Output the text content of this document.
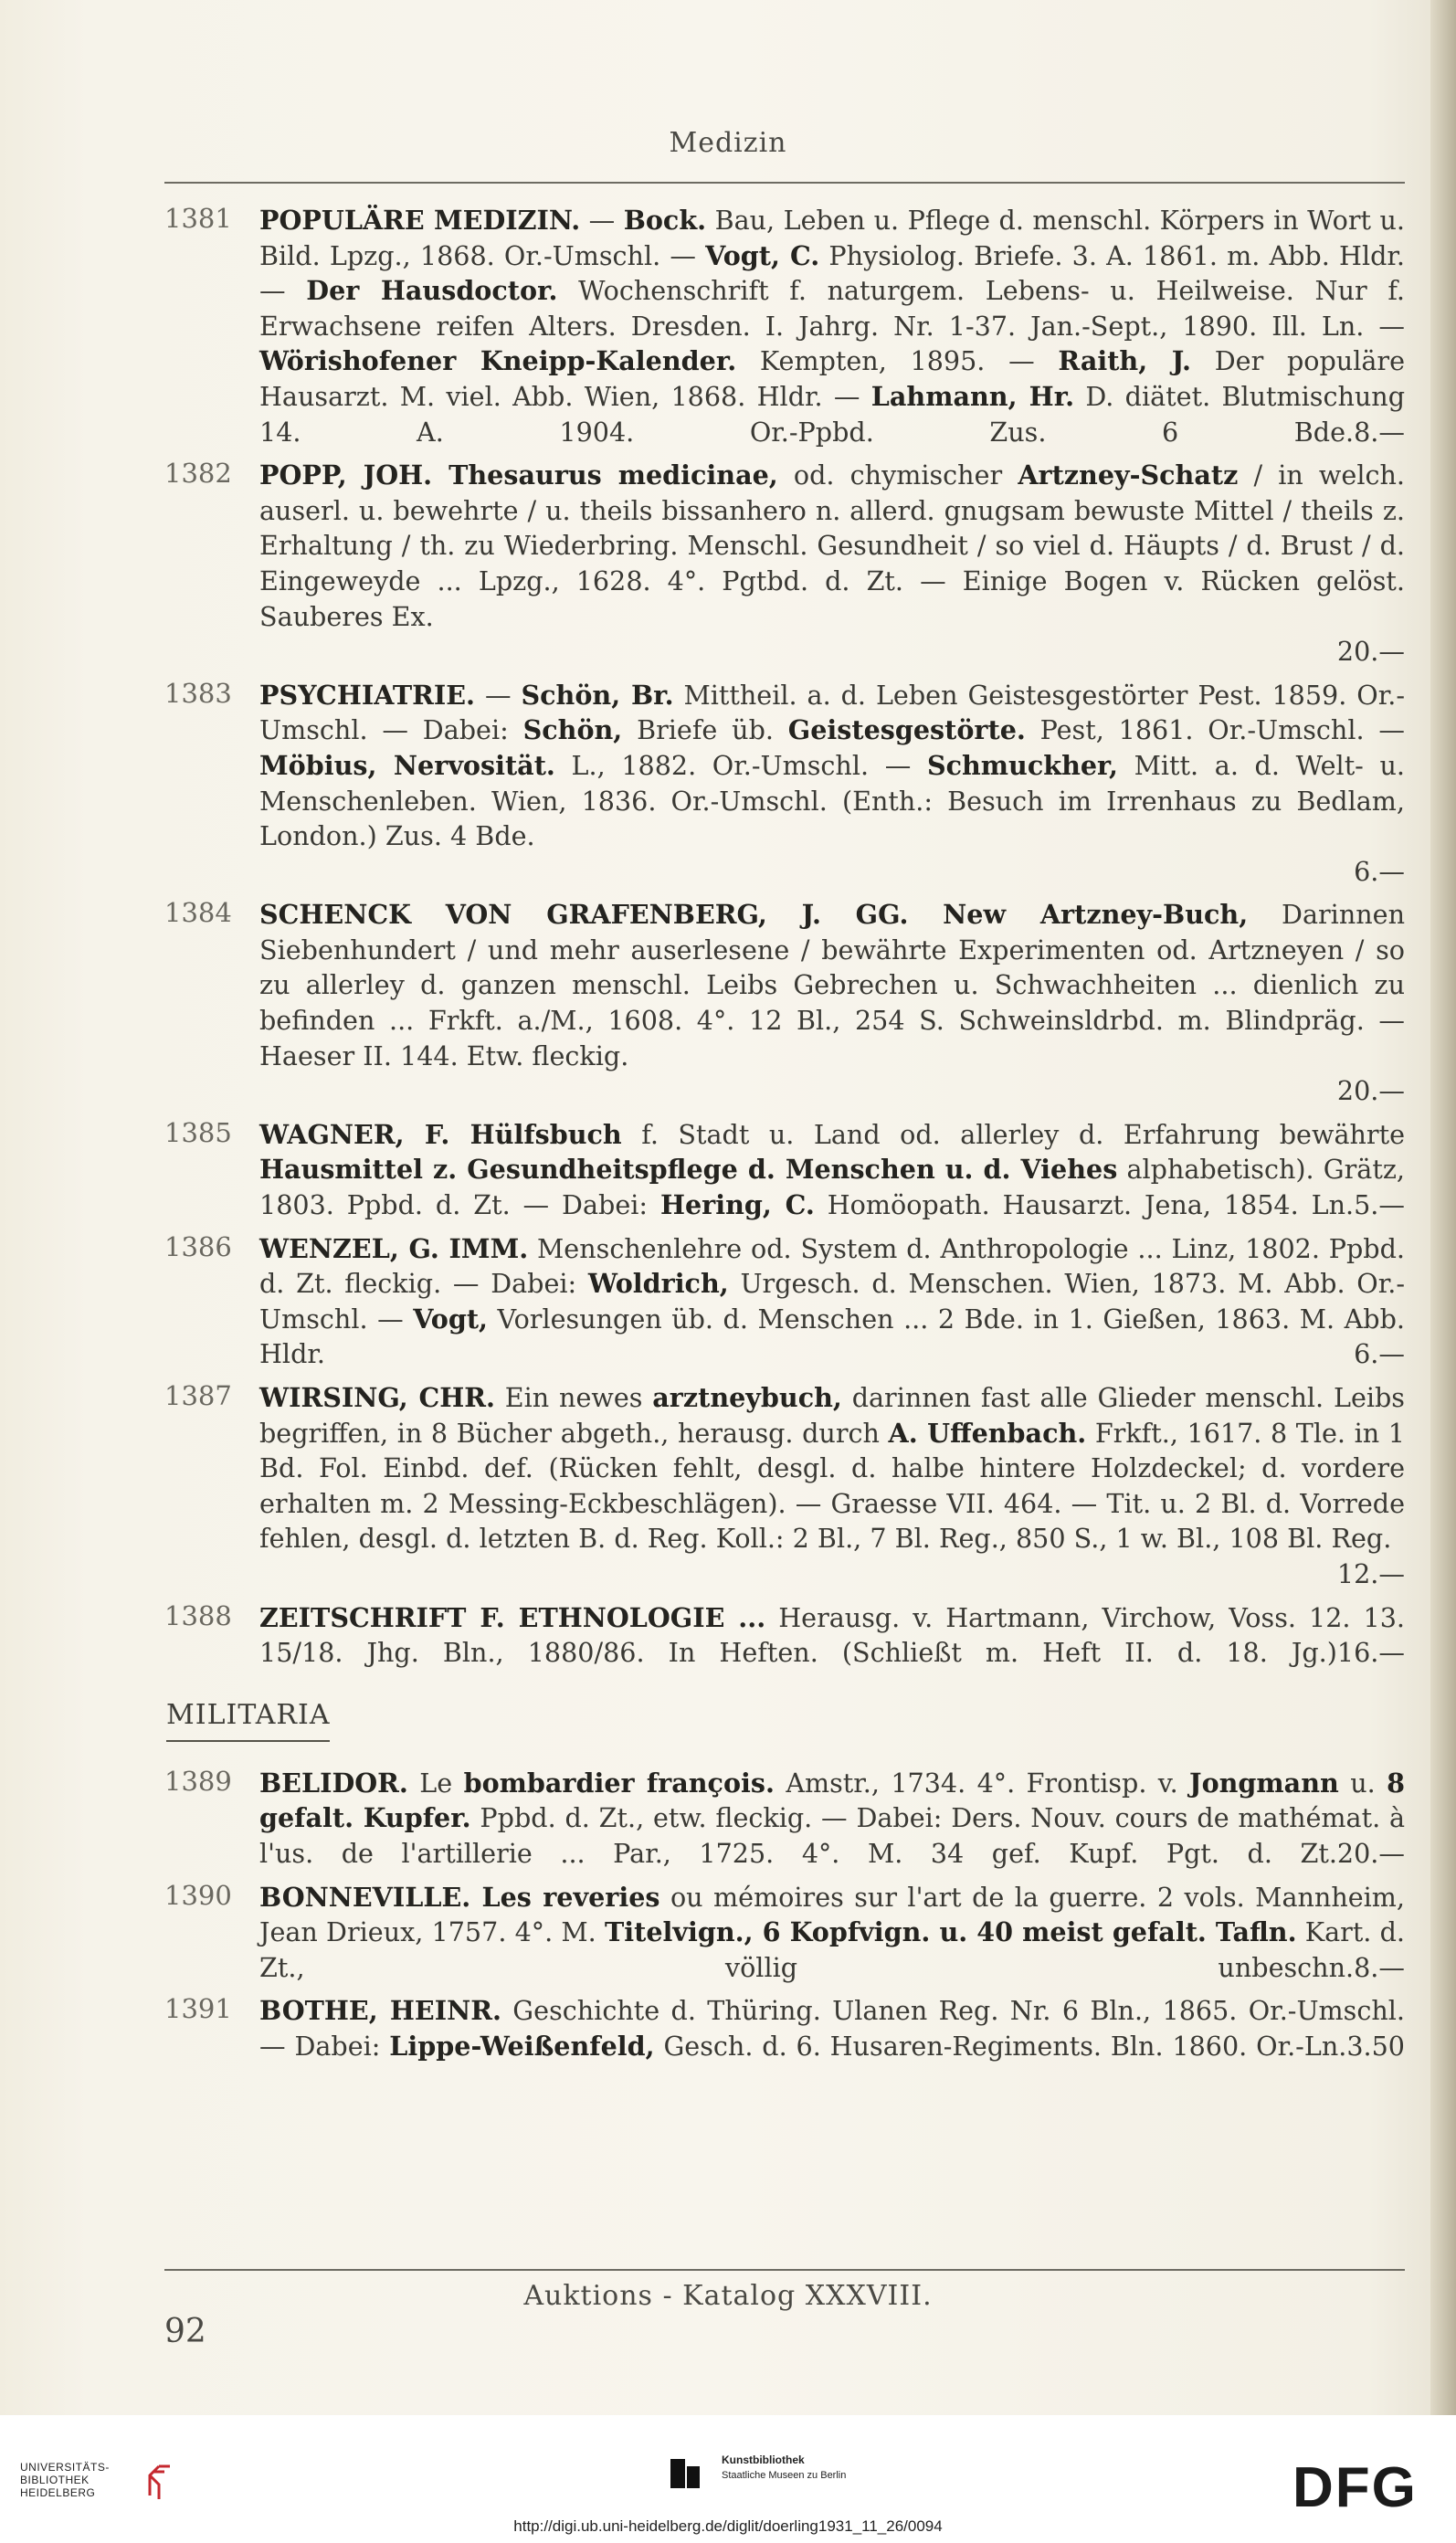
Medizin
1381	POPULÄRE MEDIZIN. — Bock. Bau, Leben u. Pflege d. menschl. Körpers in Wort u. Bild. Lpzg., 1868. Or.-Umschl. — Vogt, C. Physiolog. Briefe. 3. A. 1861. m. Abb. Hldr. — Der Hausdoctor. Wochenschrift f. naturgem. Lebens- u. Heilweise. Nur f. Erwachsene reifen Alters. Dresden. I. Jahrg. Nr. 1-37. Jan.-Sept., 1890. Ill. Ln. — Wörishofener Kneipp-Kalender. Kempten, 1895. — Raith, J. Der populäre Hausarzt. M. viel. Abb. Wien, 1868. Hldr. — Lahmann, Hr. D. diätet. Blutmischung 14. A. 1904. Or.-Ppbd. Zus. 6 Bde. 8.—

1382	POPP, JOH. Thesaurus medicinae, od. chymischer Artzney-Schatz / in welch. auserl. u. bewehrte / u. theils bissanhero n. allerd. gnugsam bewuste Mittel / theils z. Erhaltung / th. zu Wiederbring. Menschl. Gesundheit / so viel d. Häupts / d. Brust / d. Eingeweyde ... Lpzg., 1628. 4°. Pgtbd. d. Zt. — Einige Bogen v. Rücken gelöst. Sauberes Ex.

20.—
1383	PSYCHIATRIE. — Schön, Br. Mittheil. a. d. Leben Geistesgestörter Pest. 1859. Or.-Umschl. — Dabei: Schön, Briefe üb. Geistesgestörte. Pest, 1861. Or.-Umschl. — Möbius, Nervosität. L., 1882. Or.-Umschl. — Schmuckher, Mitt. a. d. Welt- u. Menschenleben. Wien, 1836. Or.-Umschl. (Enth.: Besuch im Irrenhaus zu Bedlam, London.) Zus. 4 Bde.

6.—
1384	SCHENCK VON GRAFENBERG, J. GG. New Artzney-Buch, Darinnen Siebenhundert / und mehr auserlesene / bewährte Experimenten od. Artzneyen / so zu allerley d. ganzen menschl. Leibs Gebrechen u. Schwachheiten ... dienlich zu befinden ... Frkft. a./M., 1608. 4°. 12 Bl., 254 S. Schweinsldrbd. m. Blindpräg. — Haeser II. 144. Etw. fleckig.

20.—
1385	WAGNER, F. Hülfsbuch f. Stadt u. Land od. allerley d. Erfahrung bewährte Hausmittel z. Gesundheitspflege d. Menschen u. d. Viehes alphabetisch). Grätz, 1803. Ppbd. d. Zt. — Dabei: Hering, C. Homöopath. Hausarzt. Jena, 1854. Ln. 5.—

1386	WENZEL, G. IMM. Menschenlehre od. System d. Anthropologie ... Linz, 1802. Ppbd. d. Zt. fleckig. — Dabei: Woldrich, Urgesch. d. Menschen. Wien, 1873. M. Abb. Or.-Umschl. — Vogt, Vorlesungen üb. d. Menschen ... 2 Bde. in 1. Gießen, 1863. M. Abb. Hldr.	6.—

1387	WIRSING, CHR. Ein newes arztneybuch, darinnen fast alle Glieder menschl. Leibs begriffen, in 8 Bücher abgeth., herausg. durch A. Uffenbach. Frkft., 1617. 8 Tle. in 1 Bd. Fol. Einbd. def. (Rücken fehlt, desgl. d. halbe hintere Holzdeckel; d. vordere erhalten m. 2 Messing-Eckbeschlägen). — Graesse VII. 464. — Tit. u. 2 Bl. d. Vorrede fehlen, desgl. d. letzten B. d. Reg. Koll.: 2 Bl., 7 Bl. Reg., 850 S., 1 w. Bl., 108 Bl. Reg.

12.—
1388	ZEITSCHRIFT F. ETHNOLOGIE ... Herausg. v. Hartmann, Virchow, Voss. 12. 13. 15/18. Jhg. Bln., 1880/86. In Heften. (Schließt m. Heft II. d. 18. Jg.) 16.—

MILITARIA
1389	BELIDOR. Le bombardier françois. Amstr., 1734. 4°. Frontisp. v. Jongmann u. 8 gefalt. Kupfer. Ppbd. d. Zt., etw. fleckig. — Dabei: Ders. Nouv. cours de mathémat. à l'us. de l'artillerie ... Par., 1725. 4°. M. 34 gef. Kupf. Pgt. d. Zt. 20.—

1390	BONNEVILLE. Les reveries ou mémoires sur l'art de la guerre. 2 vols. Mannheim, Jean Drieux, 1757. 4°. M. Titelvign., 6 Kopfvign. u. 40 meist gefalt. Tafln. Kart. d. Zt., völlig unbeschn. 8.—

1391	BOTHE, HEINR. Geschichte d. Thüring. Ulanen Reg. Nr. 6 Bln., 1865. Or.-Umschl. — Dabei: Lippe-Weißenfeld, Gesch. d. 6. Husaren-Regiments. Bln. 1860. Or.-Ln. 3.50

Auktions - Katalog XXXVIII.
92
UNIVERSITÄTS-
BIBLIOTHEK
HEIDELBERG
Kunstbibliothek
Staatliche Museen zu Berlin	DFG
http://digi.ub.uni-heidelberg.de/diglit/doerling1931_11_26/0094
